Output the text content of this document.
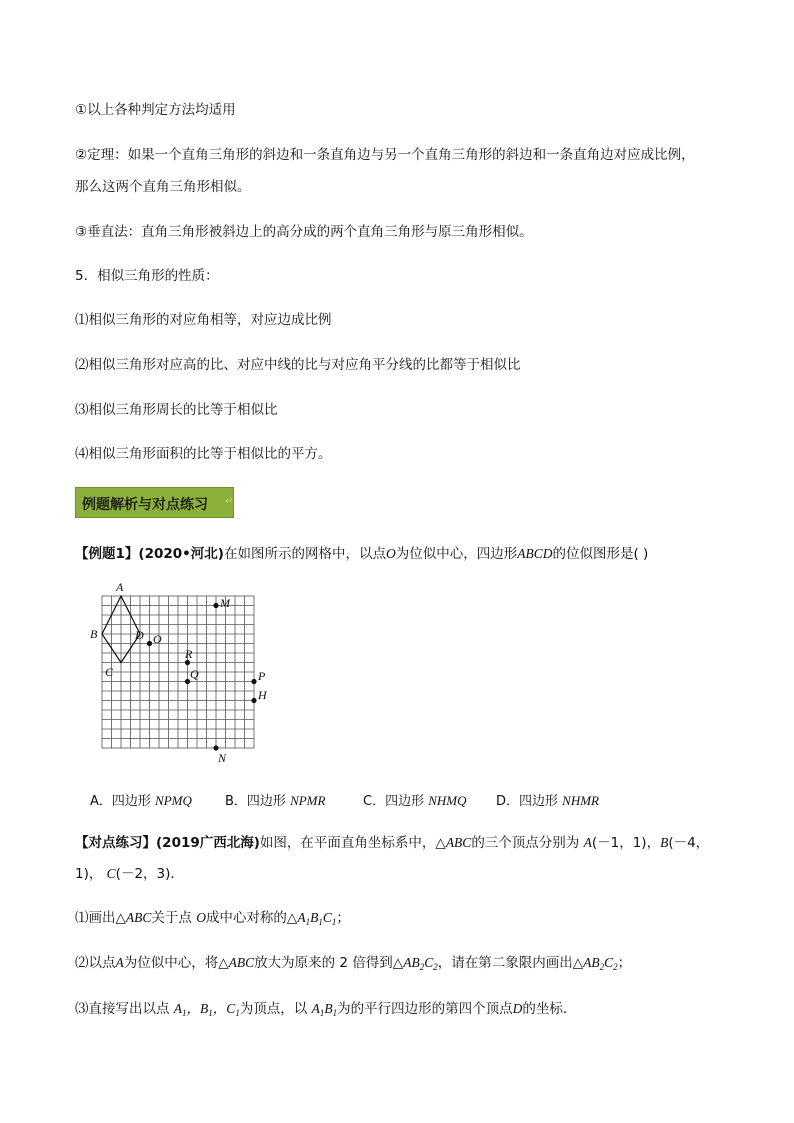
①以上各种判定方法均适用
②定理：如果一个直角三角形的斜边和一条直角边与另一个直角三角形的斜边和一条直角边对应成比例，
那么这两个直角三角形相似。
③垂直法：直角三角形被斜边上的高分成的两个直角三角形与原三角形相似。
5．相似三角形的性质：
⑴相似三角形的对应角相等，对应边成比例
⑵相似三角形对应高的比、对应中线的比与对应角平分线的比都等于相似比
⑶相似三角形周长的比等于相似比
⑷相似三角形面积的比等于相似比的平方。
例题解析与对点练习 ↵
【例题1】(2020•河北)在如图所示的网格中，以点O为位似中心，四边形ABCD的位似图形是( )
A
B
C
D O
M
R
Q	P
H
N
A．四边形 NPMQ	B．四边形 NPMR	C．四边形 NHMQ D．四边形 NHMR
【对点练习】(2019广西北海)如图，在平面直角坐标系中，△ABC的三个顶点分别为 A(－1，1)，B(－4，
1)， C(－2，3)．
⑴画出△ABC关于点 O成中心对称的$\triangle A_1B_1C_1$；
⑵以点A为位似中心，将△ABC放大为原来的 2 倍得到$\triangle AB_2C_2$，请在第二象限内画出$\triangle AB_2C_2$；
⑶直接写出以点 $A_1$，$B_1$，$C_1$为顶点，以 $A_1B_1$为的平行四边形的第四个顶点D的坐标．
